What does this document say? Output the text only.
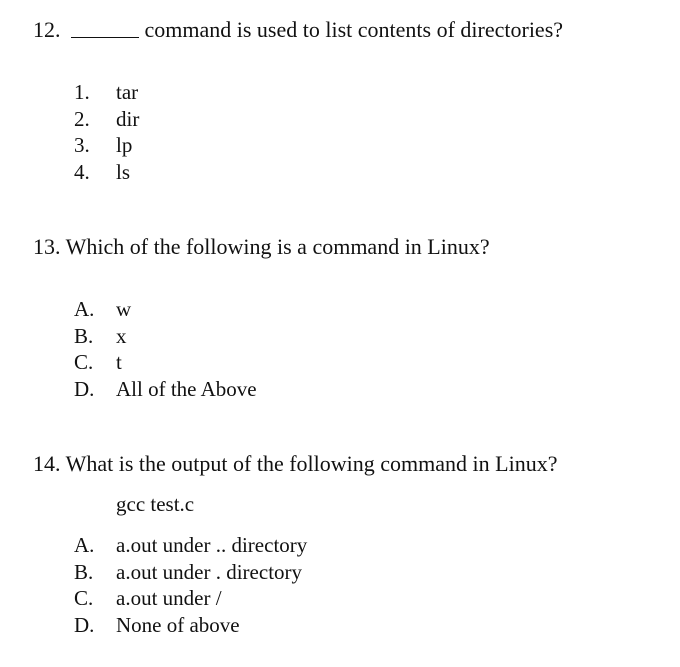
12.	command is used to list contents of directories?
1. tar
2. dir
3. lp
4. ls
13. Which of the following is a command in Linux?
A. w
B. x
C. t
D. All of the Above
14. What is the output of the following command in Linux?
gcc test.c
A. a.out under .. directory
B. a.out under . directory
C. a.out under /
D. None of above
